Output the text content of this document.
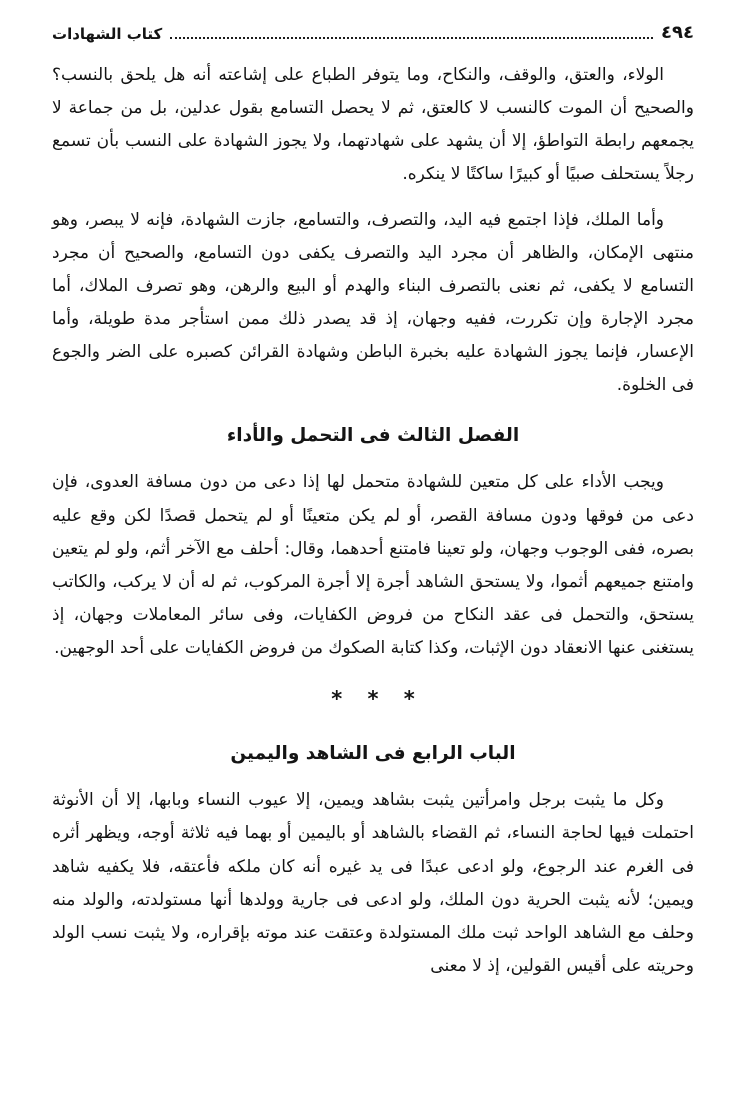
كتاب الشهادات	٤٩٤

الولاء، والعتق، والوقف، والنكاح، وما يتوفر الطباع على إشاعته أنه هل يلحق بالنسب؟ والصحيح أن الموت كالنسب لا كالعتق، ثم لا يحصل التسامع بقول عدلين، بل من جماعة لا يجمعهم رابطة التواطؤ، إلا أن يشهد على شهادتهما، ولا يجوز الشهادة على النسب بأن تسمع رجلاً يستحلف صبيًا أو كبيرًا ساكتًا لا ينكره.

وأما الملك، فإذا اجتمع فيه اليد، والتصرف، والتسامع، جازت الشهادة، فإنه لا يبصر، وهو منتهى الإمكان، والظاهر أن مجرد اليد والتصرف يكفى دون التسامع، والصحيح أن مجرد التسامع لا يكفى، ثم نعنى بالتصرف البناء والهدم أو البيع والرهن، وهو تصرف الملاك، أما مجرد الإجارة وإن تكررت، ففيه وجهان، إذ قد يصدر ذلك ممن استأجر مدة طويلة، وأما الإعسار، فإنما يجوز الشهادة عليه بخبرة الباطن وشهادة القرائن كصبره على الضر والجوع فى الخلوة.

الفصل الثالث فى التحمل والأداء

ويجب الأداء على كل متعين للشهادة متحمل لها إذا دعى من دون مسافة العدوى، فإن دعى من فوقها ودون مسافة القصر، أو لم يكن متعينًا أو لم يتحمل قصدًا لكن وقع عليه بصره، ففى الوجوب وجهان، ولو تعينا فامتنع أحدهما، وقال: أحلف مع الآخر أثم، ولو لم يتعين وامتنع جميعهم أثموا، ولا يستحق الشاهد أجرة إلا أجرة المركوب، ثم له أن لا يركب، والكاتب يستحق، والتحمل فى عقد النكاح من فروض الكفايات، وفى سائر المعاملات وجهان، إذ يستغنى عنها الانعقاد دون الإثبات، وكذا كتابة الصكوك من فروض الكفايات على أحد الوجهين.

* * *
الباب الرابع فى الشاهد واليمين

وكل ما يثبت برجل وامرأتين يثبت بشاهد ويمين، إلا عيوب النساء وبابها، إلا أن الأنوثة احتملت فيها لحاجة النساء، ثم القضاء بالشاهد أو باليمين أو بهما فيه ثلاثة أوجه، ويظهر أثره فى الغرم عند الرجوع، ولو ادعى عبدًا فى يد غيره أنه كان ملكه فأعتقه، فلا يكفيه شاهد ويمين؛ لأنه يثبت الحرية دون الملك، ولو ادعى فى جارية وولدها أنها مستولدته، والولد منه وحلف مع الشاهد الواحد ثبت ملك المستولدة وعتقت عند موته بإقراره، ولا يثبت نسب الولد وحريته على أقيس القولين، إذ لا معنى
